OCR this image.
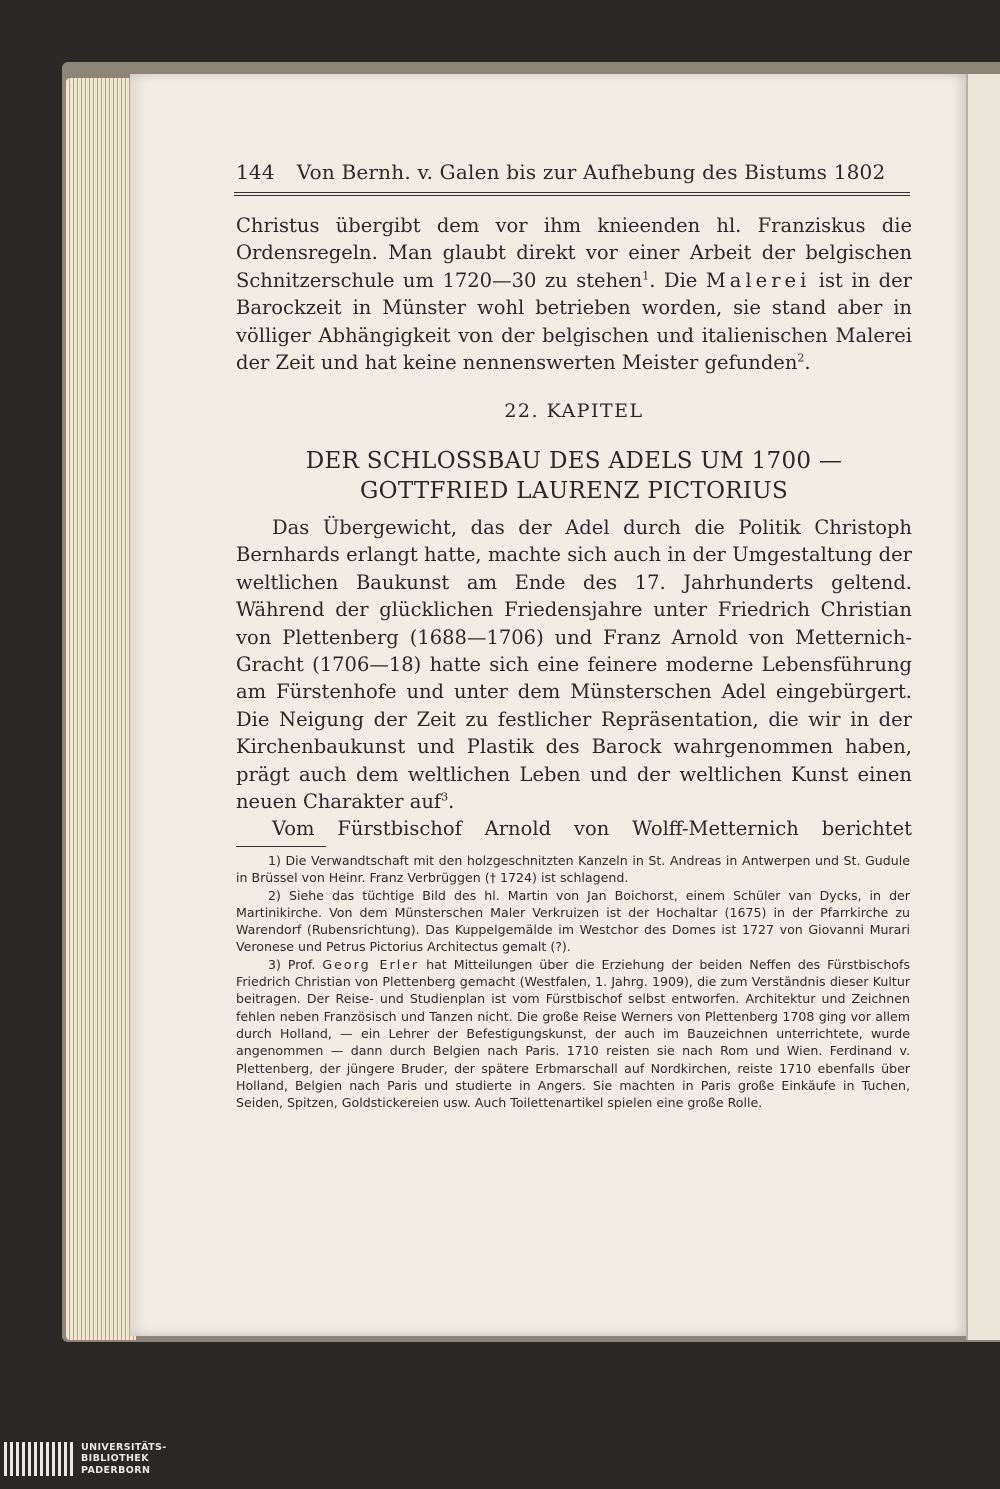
144 Von Bernh. v. Galen bis zur Aufhebung des Bistums 1802
Christus übergibt dem vor ihm knieenden hl. Franziskus die Ordensregeln. Man glaubt direkt vor einer Arbeit der belgischen Schnitzerschule um 1720—30 zu stehen$^1$. Die Malerei ist in der Barockzeit in Münster wohl betrieben worden, sie stand aber in völliger Abhängigkeit von der belgischen und italienischen Malerei der Zeit und hat keine nennenswerten Meister gefunden$^2$.
22. KAPITEL
DER SCHLOSSBAU DES ADELS UM 1700 — GOTTFRIED LAURENZ PICTORIUS
Das Übergewicht, das der Adel durch die Politik Christoph Bernhards erlangt hatte, machte sich auch in der Umgestaltung der weltlichen Baukunst am Ende des 17. Jahrhunderts geltend. Während der glücklichen Friedensjahre unter Friedrich Christian von Plettenberg (1688—1706) und Franz Arnold von Metternich-Gracht (1706—18) hatte sich eine feinere moderne Lebensführung am Fürstenhofe und unter dem Münsterschen Adel eingebürgert. Die Neigung der Zeit zu festlicher Repräsentation, die wir in der Kirchenbaukunst und Plastik des Barock wahrgenommen haben, prägt auch dem weltlichen Leben und der weltlichen Kunst einen neuen Charakter auf$^3$.
Vom Fürstbischof Arnold von Wolff-Metternich berichtet

1) Die Verwandtschaft mit den holzgeschnitzten Kanzeln in St. Andreas in Antwerpen und St. Gudule in Brüssel von Heinr. Franz Verbrüggen († 1724) ist schlagend.

2) Siehe das tüchtige Bild des hl. Martin von Jan Boichorst, einem Schüler van Dycks, in der Martinikirche. Von dem Münsterschen Maler Verkruizen ist der Hochaltar (1675) in der Pfarrkirche zu Warendorf (Rubensrichtung). Das Kuppelgemälde im Westchor des Domes ist 1727 von Giovanni Murari Veronese und Petrus Pictorius Architectus gemalt (?).

3) Prof. Georg Erler hat Mitteilungen über die Erziehung der beiden Neffen des Fürstbischofs Friedrich Christian von Plettenberg gemacht (Westfalen, 1. Jahrg. 1909), die zum Verständnis dieser Kultur beitragen. Der Reise- und Studienplan ist vom Fürstbischof selbst entworfen. Architektur und Zeichnen fehlen neben Französisch und Tanzen nicht. Die große Reise Werners von Plettenberg 1708 ging vor allem durch Holland, — ein Lehrer der Befestigungskunst, der auch im Bauzeichnen unterrichtete, wurde angenommen — dann durch Belgien nach Paris. 1710 reisten sie nach Rom und Wien. Ferdinand v. Plettenberg, der jüngere Bruder, der spätere Erbmarschall auf Nordkirchen, reiste 1710 ebenfalls über Holland, Belgien nach Paris und studierte in Angers. Sie machten in Paris große Einkäufe in Tuchen, Seiden, Spitzen, Goldstickereien usw. Auch Toilettenartikel spielen eine große Rolle.

UNIVERSITÄTS-
BIBLIOTHEK
PADERBORN
